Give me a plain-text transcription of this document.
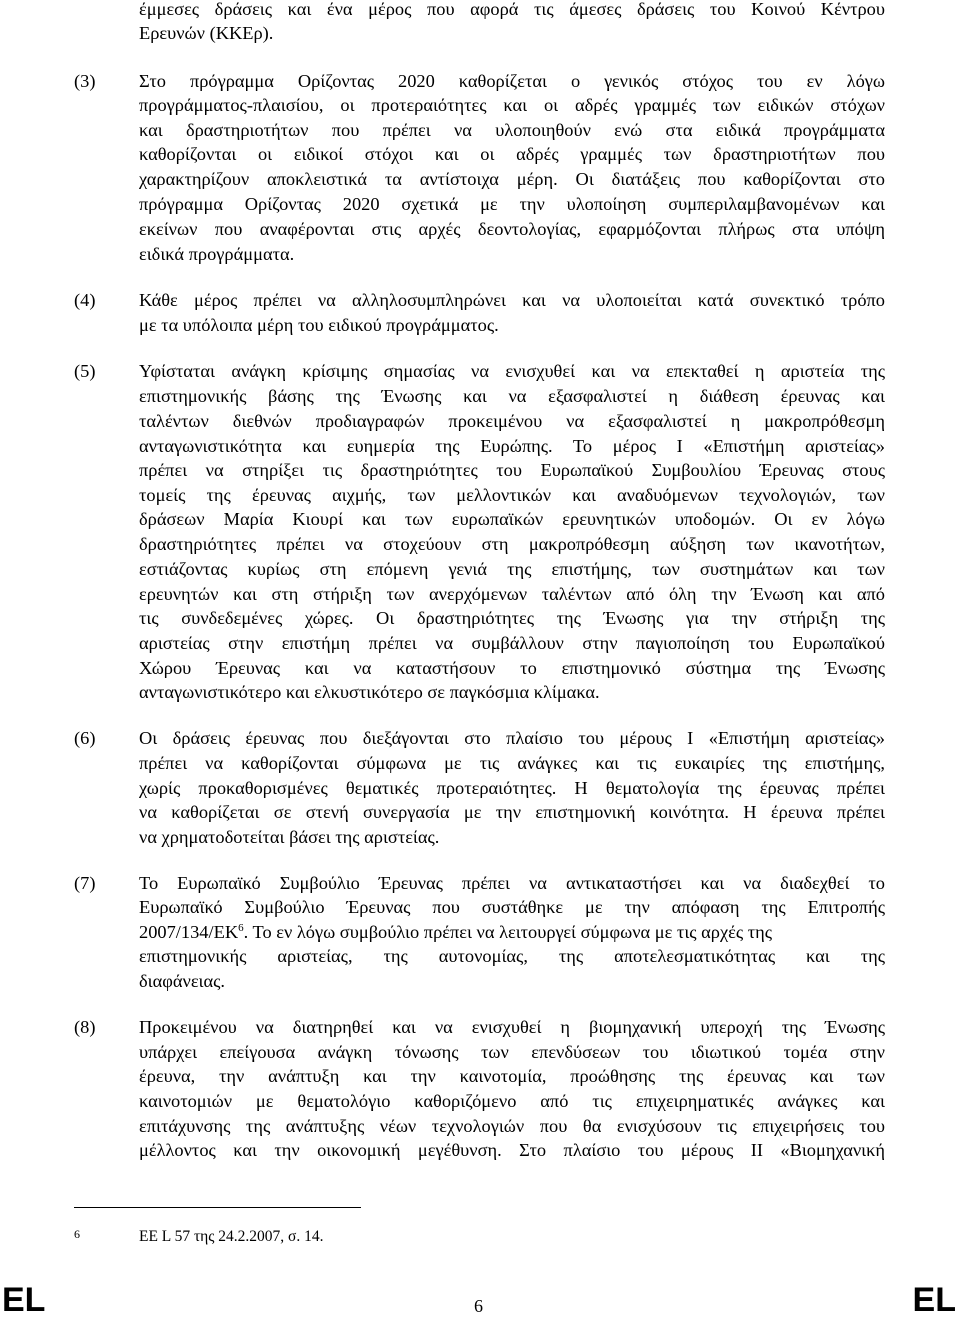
έμμεσες δράσεις και ένα μέρος που αφορά τις άμεσες δράσεις του Κοινού Κέντρου
Ερευνών (ΚΚΕρ).
(3) Στο πρόγραμμα Ορίζοντας 2020 καθορίζεται ο γενικός στόχος του εν λόγω
προγράμματος-πλαισίου, οι προτεραιότητες και οι αδρές γραμμές των ειδικών στόχων
και δραστηριοτήτων που πρέπει να υλοποιηθούν ενώ στα ειδικά προγράμματα
καθορίζονται οι ειδικοί στόχοι και οι αδρές γραμμές των δραστηριοτήτων που
χαρακτηρίζουν αποκλειστικά τα αντίστοιχα μέρη. Οι διατάξεις που καθορίζονται στο
πρόγραμμα Ορίζοντας 2020 σχετικά με την υλοποίηση συμπεριλαμβανομένων και
εκείνων που αναφέρονται στις αρχές δεοντολογίας, εφαρμόζονται πλήρως στα υπόψη
ειδικά προγράμματα.
(4) Κάθε μέρος πρέπει να αλληλοσυμπληρώνει και να υλοποιείται κατά συνεκτικό τρόπο
με τα υπόλοιπα μέρη του ειδικού προγράμματος.
(5) Υφίσταται ανάγκη κρίσιμης σημασίας να ενισχυθεί και να επεκταθεί η αριστεία της
επιστημονικής βάσης της Ένωσης και να εξασφαλιστεί η διάθεση έρευνας και
ταλέντων διεθνών προδιαγραφών προκειμένου να εξασφαλιστεί η μακροπρόθεσμη
ανταγωνιστικότητα και ευημερία της Ευρώπης. Το μέρος Ι «Επιστήμη αριστείας»
πρέπει να στηρίξει τις δραστηριότητες του Ευρωπαϊκού Συμβουλίου Έρευνας στους
τομείς της έρευνας αιχμής, των μελλοντικών και αναδυόμενων τεχνολογιών, των
δράσεων Μαρία Κιουρί και των ευρωπαϊκών ερευνητικών υποδομών. Οι εν λόγω
δραστηριότητες πρέπει να στοχεύουν στη μακροπρόθεσμη αύξηση των ικανοτήτων,
εστιάζοντας κυρίως στη επόμενη γενιά της επιστήμης, των συστημάτων και των
ερευνητών και στη στήριξη των ανερχόμενων ταλέντων από όλη την Ένωση και από
τις συνδεδεμένες χώρες. Οι δραστηριότητες της Ένωσης για την στήριξη της
αριστείας στην επιστήμη πρέπει να συμβάλλουν στην παγιοποίηση του Ευρωπαϊκού
Χώρου Έρευνας και να καταστήσουν το επιστημονικό σύστημα της Ένωσης
ανταγωνιστικότερο και ελκυστικότερο σε παγκόσμια κλίμακα.
(6) Οι δράσεις έρευνας που διεξάγονται στο πλαίσιο του μέρους Ι «Επιστήμη αριστείας»
πρέπει να καθορίζονται σύμφωνα με τις ανάγκες και τις ευκαιρίες της επιστήμης,
χωρίς προκαθορισμένες θεματικές προτεραιότητες. Η θεματολογία της έρευνας πρέπει
να καθορίζεται σε στενή συνεργασία με την επιστημονική κοινότητα. Η έρευνα πρέπει
να χρηματοδοτείται βάσει της αριστείας.
(7) Το Ευρωπαϊκό Συμβούλιο Έρευνας πρέπει να αντικαταστήσει και να διαδεχθεί το
Ευρωπαϊκό Συμβούλιο Έρευνας που συστάθηκε με την απόφαση της Επιτροπής
$2007/134/EK^6$. Το εν λόγω συμβούλιο πρέπει να λειτουργεί σύμφωνα με τις αρχές της
επιστημονικής αριστείας, της αυτονομίας, της αποτελεσματικότητας και της
διαφάνειας.
(8) Προκειμένου να διατηρηθεί και να ενισχυθεί η βιομηχανική υπεροχή της Ένωσης
υπάρχει επείγουσα ανάγκη τόνωσης των επενδύσεων του ιδιωτικού τομέα στην
έρευνα, την ανάπτυξη και την καινοτομία, προώθησης της έρευνας και των
καινοτομιών με θεματολόγιο καθοριζόμενο από τις επιχειρηματικές ανάγκες και
επιτάχυνσης της ανάπτυξης νέων τεχνολογιών που θα ενισχύσουν τις επιχειρήσεις του
μέλλοντος και την οικονομική μεγέθυνση. Στο πλαίσιο του μέρους ΙΙ «Βιομηχανική
6	ΕΕ L 57 της 24.2.2007, σ. 14.
EL	6	EL
